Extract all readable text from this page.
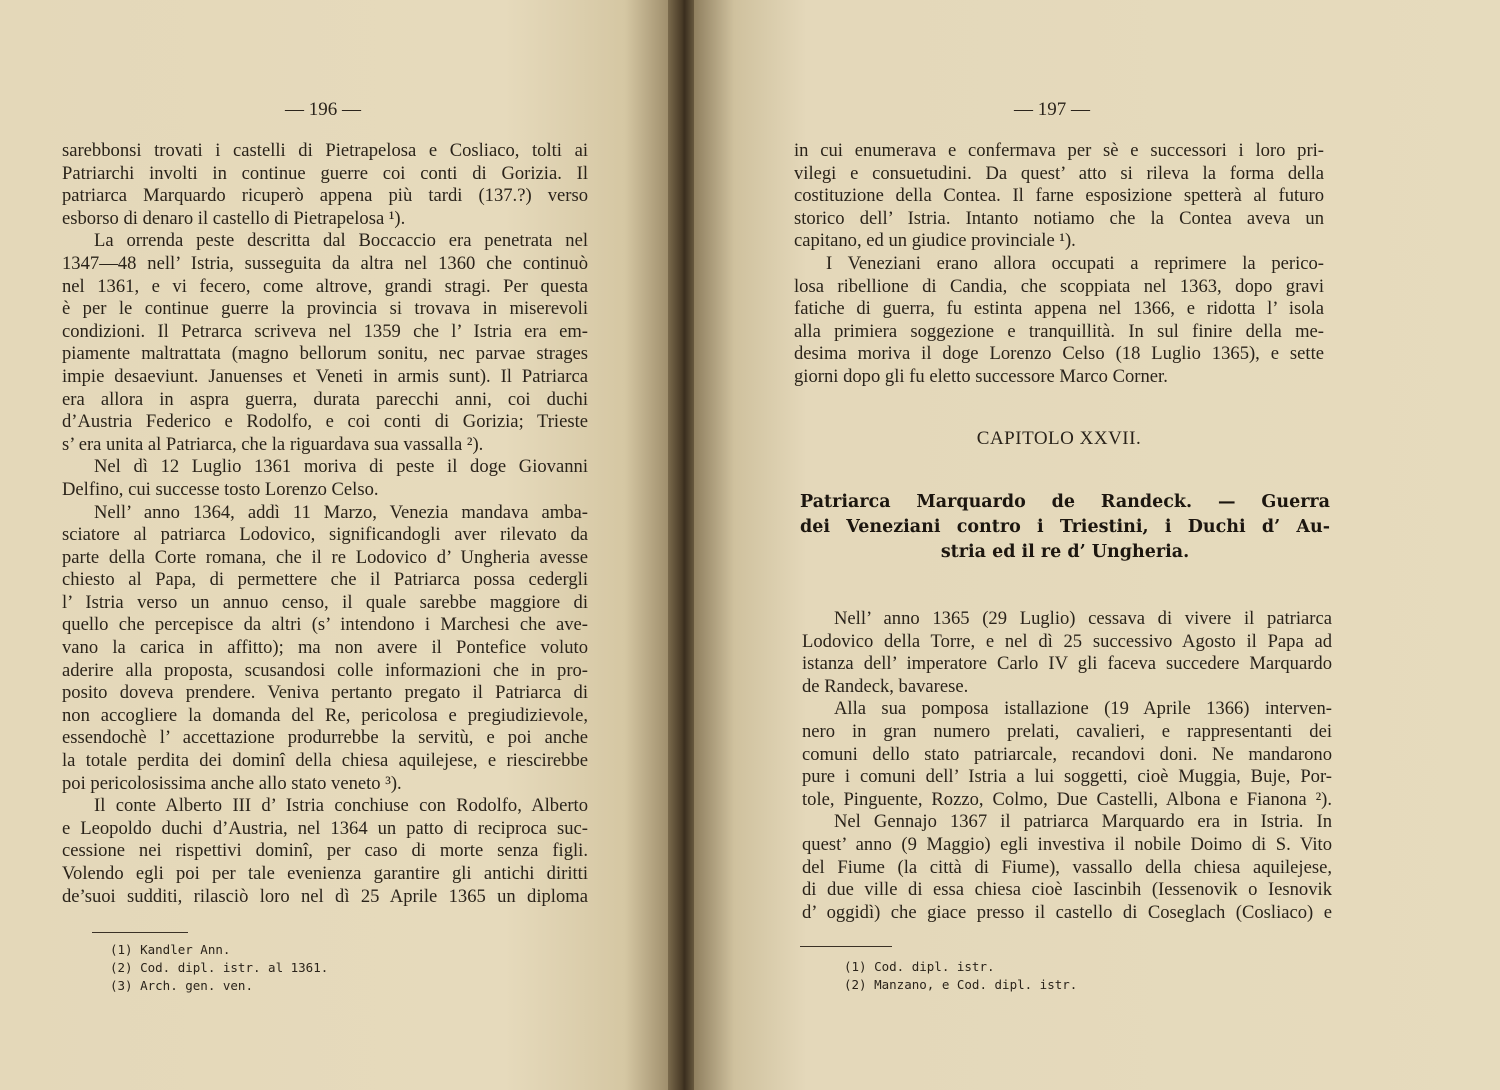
— 196 —
sarebbonsi trovati i castelli di Pietrapelosa e Cosliaco, tolti ai
Patriarchi involti in continue guerre coi conti di Gorizia. Il
patriarca Marquardo ricuperò appena più tardi (137.?) verso
esborso di denaro il castello di Pietrapelosa ¹).
La orrenda peste descritta dal Boccaccio era penetrata nel
1347—48 nell’ Istria, susseguita da altra nel 1360 che continuò
nel 1361, e vi fecero, come altrove, grandi stragi. Per questa
è per le continue guerre la provincia si trovava in miserevoli
condizioni. Il Petrarca scriveva nel 1359 che l’ Istria era em-
piamente maltrattata (magno bellorum sonitu, nec parvae strages
impie desaeviunt. Januenses et Veneti in armis sunt). Il Patriarca
era allora in aspra guerra, durata parecchi anni, coi duchi
d’Austria Federico e Rodolfo, e coi conti di Gorizia; Trieste
s’ era unita al Patriarca, che la riguardava sua vassalla ²).
Nel dì 12 Luglio 1361 moriva di peste il doge Giovanni
Delfino, cui successe tosto Lorenzo Celso.
Nell’ anno 1364, addì 11 Marzo, Venezia mandava amba-
sciatore al patriarca Lodovico, significandogli aver rilevato da
parte della Corte romana, che il re Lodovico d’ Ungheria avesse
chiesto al Papa, di permettere che il Patriarca possa cedergli
l’ Istria verso un annuo censo, il quale sarebbe maggiore di
quello che percepisce da altri (s’ intendono i Marchesi che ave-
vano la carica in affitto); ma non avere il Pontefice voluto
aderire alla proposta, scusandosi colle informazioni che in pro-
posito doveva prendere. Veniva pertanto pregato il Patriarca di
non accogliere la domanda del Re, pericolosa e pregiudizievole,
essendochè l’ accettazione produrrebbe la servitù, e poi anche
la totale perdita dei dominî della chiesa aquilejese, e riescirebbe
poi pericolosissima anche allo stato veneto ³).
Il conte Alberto III d’ Istria conchiuse con Rodolfo, Alberto
e Leopoldo duchi d’Austria, nel 1364 un patto di reciproca suc-
cessione nei rispettivi dominî, per caso di morte senza figli.
Volendo egli poi per tale evenienza garantire gli antichi diritti
de’suoi sudditi, rilasciò loro nel dì 25 Aprile 1365 un diploma
(1) Kandler Ann.
(2) Cod. dipl. istr. al 1361.
(3) Arch. gen. ven.
— 197 —
in cui enumerava e confermava per sè e successori i loro pri-
vilegi e consuetudini. Da quest’ atto si rileva la forma della
costituzione della Contea. Il farne esposizione spetterà al futuro
storico dell’ Istria. Intanto notiamo che la Contea aveva un
capitano, ed un giudice provinciale ¹).
I Veneziani erano allora occupati a reprimere la perico-
losa ribellione di Candia, che scoppiata nel 1363, dopo gravi
fatiche di guerra, fu estinta appena nel 1366, e ridotta l’ isola
alla primiera soggezione e tranquillità. In sul finire della me-
desima moriva il doge Lorenzo Celso (18 Luglio 1365), e sette
giorni dopo gli fu eletto successore Marco Corner.
CAPITOLO XXVII.
Patriarca Marquardo de Randeck. — Guerra
dei Veneziani contro i Triestini, i Duchi d’ Au-
stria ed il re d’ Ungheria.
Nell’ anno 1365 (29 Luglio) cessava di vivere il patriarca
Lodovico della Torre, e nel dì 25 successivo Agosto il Papa ad
istanza dell’ imperatore Carlo IV gli faceva succedere Marquardo
de Randeck, bavarese.
Alla sua pomposa istallazione (19 Aprile 1366) interven-
nero in gran numero prelati, cavalieri, e rappresentanti dei
comuni dello stato patriarcale, recandovi doni. Ne mandarono
pure i comuni dell’ Istria a lui soggetti, cioè Muggia, Buje, Por-
tole, Pinguente, Rozzo, Colmo, Due Castelli, Albona e Fianona ²).
Nel Gennajo 1367 il patriarca Marquardo era in Istria. In
quest’ anno (9 Maggio) egli investiva il nobile Doimo di S. Vito
del Fiume (la città di Fiume), vassallo della chiesa aquilejese,
di due ville di essa chiesa cioè Iascinbih (Iessenovik o Iesnovik
d’ oggidì) che giace presso il castello di Coseglach (Cosliaco) e
(1) Cod. dipl. istr.
(2) Manzano, e Cod. dipl. istr.
